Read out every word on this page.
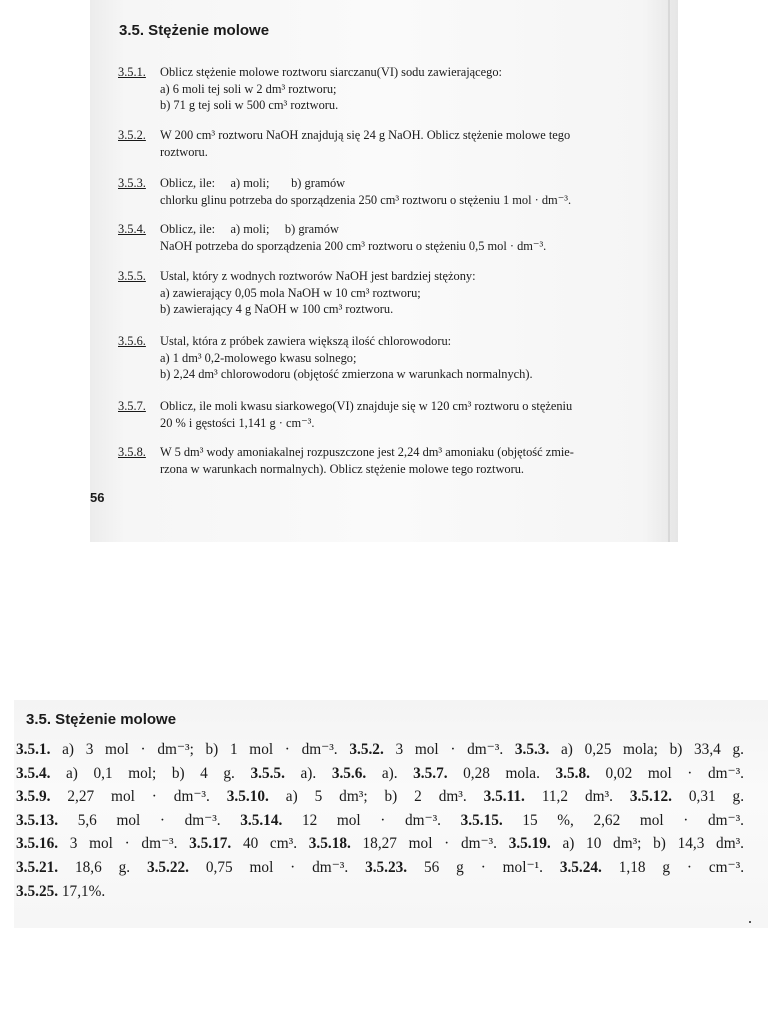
3.5. Stężenie molowe
3.5.1. Oblicz stężenie molowe roztworu siarczanu(VI) sodu zawierającego:
a) 6 moli tej soli w 2 dm³ roztworu;
b) 71 g tej soli w 500 cm³ roztworu.
3.5.2. W 200 cm³ roztworu NaOH znajdują się 24 g NaOH. Oblicz stężenie molowe tego
roztworu.
3.5.3. Oblicz, ile:     a) moli;       b) gramów
chlorku glinu potrzeba do sporządzenia 250 cm³ roztworu o stężeniu 1 mol · dm⁻³.
3.5.4. Oblicz, ile:     a) moli;     b) gramów
NaOH potrzeba do sporządzenia 200 cm³ roztworu o stężeniu 0,5 mol · dm⁻³.
3.5.5. Ustal, który z wodnych roztworów NaOH jest bardziej stężony:
a) zawierający 0,05 mola NaOH w 10 cm³ roztworu;
b) zawierający 4 g NaOH w 100 cm³ roztworu.
3.5.6. Ustal, która z próbek zawiera większą ilość chlorowodoru:
a) 1 dm³ 0,2-molowego kwasu solnego;
b) 2,24 dm³ chlorowodoru (objętość zmierzona w warunkach normalnych).
3.5.7. Oblicz, ile moli kwasu siarkowego(VI) znajduje się w 120 cm³ roztworu o stężeniu
20 % i gęstości 1,141 g · cm⁻³.
3.5.8. W 5 dm³ wody amoniakalnej rozpuszczone jest 2,24 dm³ amoniaku (objętość zmie-
rzona w warunkach normalnych). Oblicz stężenie molowe tego roztworu.
56
3.5. Stężenie molowe
3.5.1. a) 3 mol · dm⁻³; b) 1 mol · dm⁻³. 3.5.2. 3 mol · dm⁻³. 3.5.3. a) 0,25 mola; b) 33,4 g.
3.5.4. a) 0,1 mol; b) 4 g. 3.5.5. a). 3.5.6. a). 3.5.7. 0,28 mola. 3.5.8. 0,02 mol · dm⁻³.
3.5.9. 2,27 mol · dm⁻³. 3.5.10. a) 5 dm³; b) 2 dm³. 3.5.11. 11,2 dm³. 3.5.12. 0,31 g.
3.5.13. 5,6 mol · dm⁻³. 3.5.14. 12 mol · dm⁻³. 3.5.15. 15 %, 2,62 mol · dm⁻³.
3.5.16. 3 mol · dm⁻³. 3.5.17. 40 cm³. 3.5.18. 18,27 mol · dm⁻³. 3.5.19. a) 10 dm³; b) 14,3 dm³.
3.5.21. 18,6 g. 3.5.22. 0,75 mol · dm⁻³. 3.5.23. 56 g · mol⁻¹. 3.5.24. 1,18 g · cm⁻³.
3.5.25. 17,1%.
